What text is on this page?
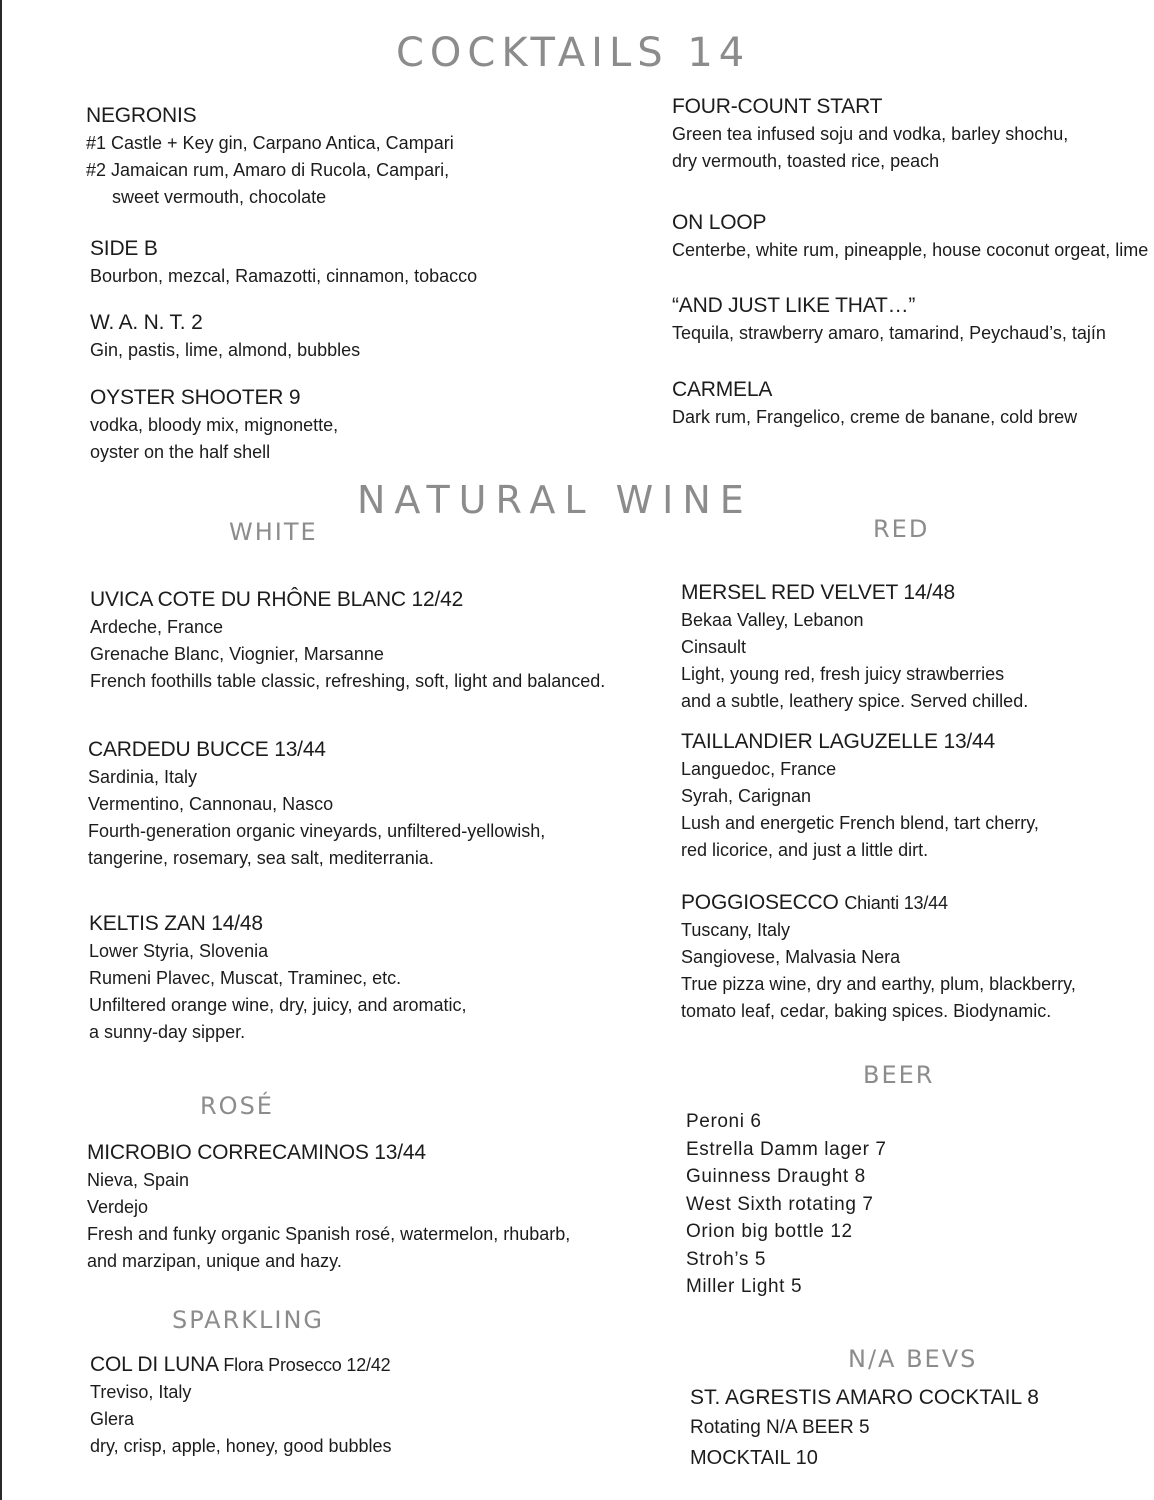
COCKTAILS 14
NEGRONIS
#1 Castle + Key gin, Carpano Antica, Campari
#2 Jamaican rum, Amaro di Rucola, Campari,
sweet vermouth, chocolate
SIDE B
Bourbon, mezcal, Ramazotti, cinnamon, tobacco
W. A. N. T. 2
Gin, pastis, lime, almond, bubbles
OYSTER SHOOTER 9
vodka, bloody mix, mignonette,
oyster on the half shell
FOUR-COUNT START
Green tea infused soju and vodka, barley shochu,
dry vermouth, toasted rice, peach
ON LOOP
Centerbe, white rum, pineapple, house coconut orgeat, lime
“AND JUST LIKE THAT…”
Tequila, strawberry amaro, tamarind, Peychaud’s, tajín
CARMELA
Dark rum, Frangelico, creme de banane, cold brew
NATURAL WINE
WHITE
UVICA COTE DU RHÔNE BLANC 12/42
Ardeche, France
Grenache Blanc, Viognier, Marsanne
French foothills table classic, refreshing, soft, light and balanced.
CARDEDU BUCCE 13/44
Sardinia, Italy
Vermentino, Cannonau, Nasco
Fourth-generation organic vineyards, unfiltered-yellowish,
tangerine, rosemary, sea salt, mediterrania.
KELTIS ZAN 14/48
Lower Styria, Slovenia
Rumeni Plavec, Muscat, Traminec, etc.
Unfiltered orange wine, dry, juicy, and aromatic,
a sunny-day sipper.
ROSÉ
MICROBIO CORRECAMINOS 13/44
Nieva, Spain
Verdejo
Fresh and funky organic Spanish rosé, watermelon, rhubarb,
and marzipan, unique and hazy.
SPARKLING
COL DI LUNA Flora Prosecco 12/42
Treviso, Italy
Glera
dry, crisp, apple, honey, good bubbles
RED
MERSEL RED VELVET 14/48
Bekaa Valley, Lebanon
Cinsault
Light, young red, fresh juicy strawberries
and a subtle, leathery spice. Served chilled.
TAILLANDIER LAGUZELLE 13/44
Languedoc, France
Syrah, Carignan
Lush and energetic French blend, tart cherry,
red licorice, and just a little dirt.
POGGIOSECCO Chianti 13/44
Tuscany, Italy
Sangiovese, Malvasia Nera
True pizza wine, dry and earthy, plum, blackberry,
tomato leaf, cedar, baking spices. Biodynamic.
BEER
Peroni 6
Estrella Damm lager 7
Guinness Draught 8
West Sixth rotating 7
Orion big bottle 12
Stroh’s 5
Miller Light 5
N/A BEVS
ST. AGRESTIS AMARO COCKTAIL 8
Rotating N/A BEER 5
MOCKTAIL 10
